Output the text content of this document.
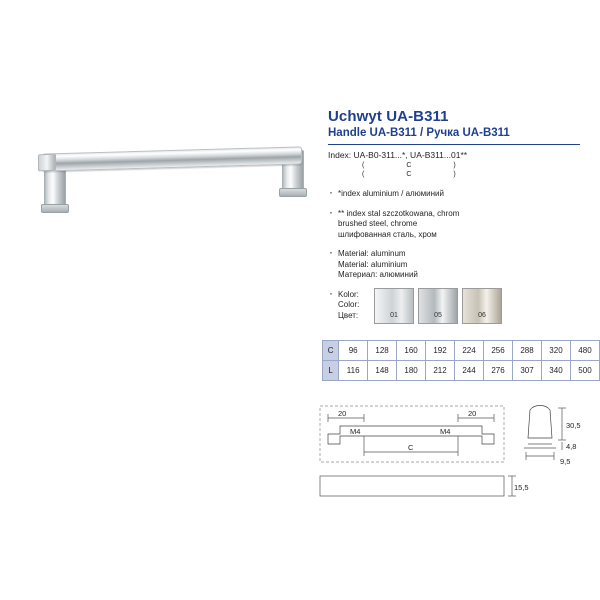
Uchwyt UA-B311
Handle UA-B311 / Ручка UA-B311
Index: UA-B0-311...*, UA-B311...01**
(C) (C)
· *index aluminium / алюминий
· ** index stal szczotkowana, chrom
brushed steel, chrome
шлифованная сталь, хром
· Materiał: aluminum
Material: aluminium
Материал: алюминий
Kolor: Color: Цвет:	01	05	06
C	96	128	160	192	224	256	288	320	480
L	116	148	180	212	244	276	307	340	500
20	20
M4	M4
C
30,5
4,8
9,5
15,5
